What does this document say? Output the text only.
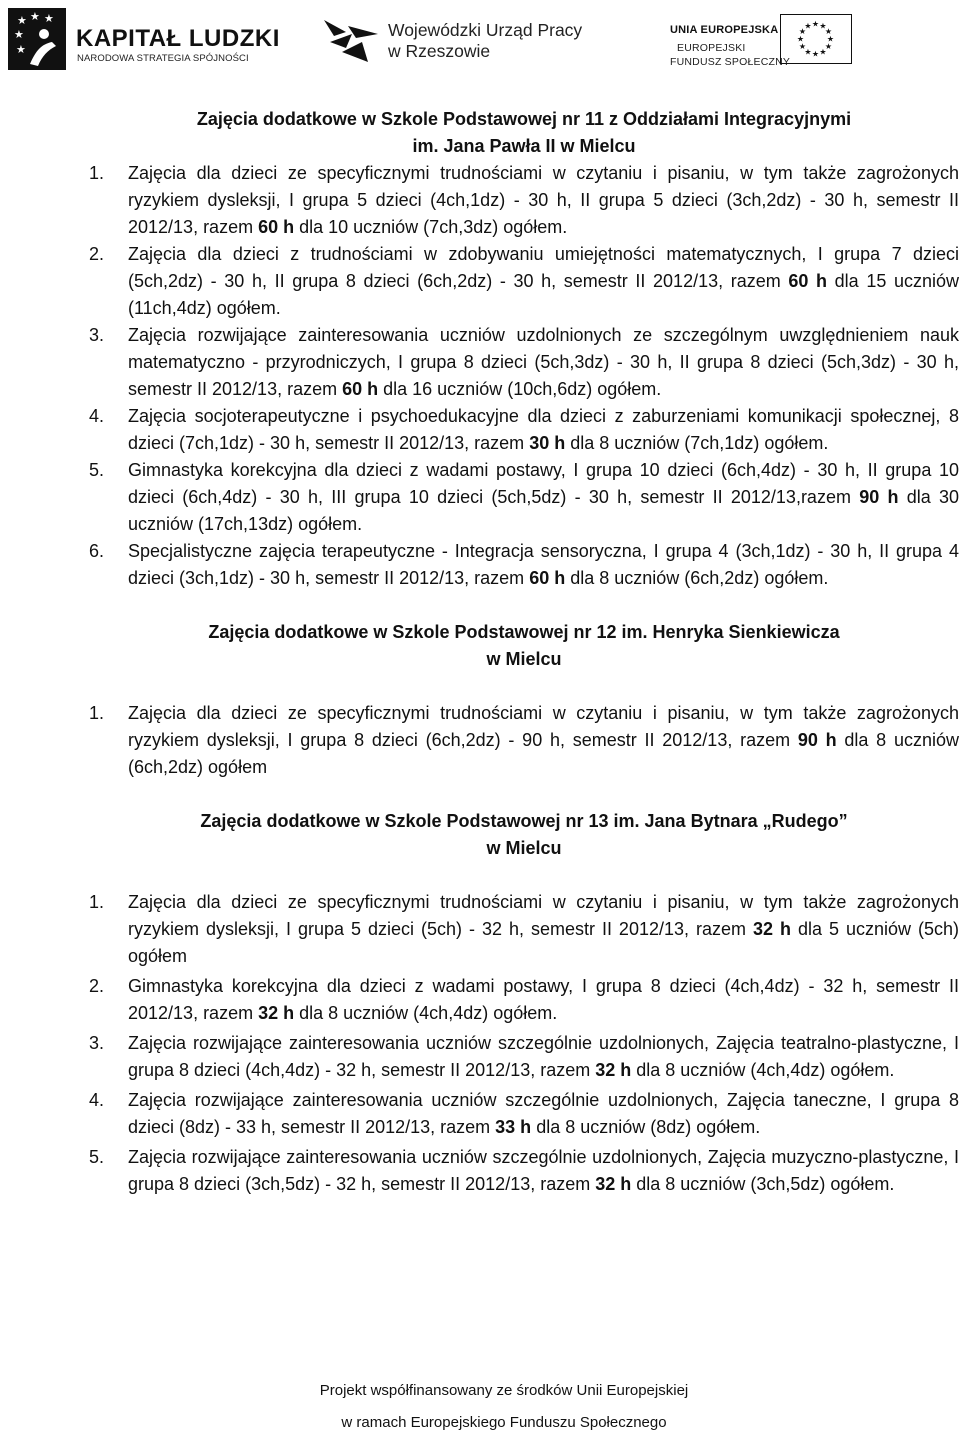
★ ★ ★
★
★ KAPITAŁ LUDZKI
NARODOWA STRATEGIA SPÓJNOŚCI
Wojewódzki Urząd Pracy
w Rzeszowie
UNIA EUROPEJSKA
EUROPEJSKI
FUNDUSZ SPOŁECZNY
★ ★
★
★
★
★
★
★
★
★
★
★
Zajęcia dodatkowe w Szkole Podstawowej nr 11 z Oddziałami Integracyjnymi
im. Jana Pawła II w Mielcu
1.	Zajęcia dla dzieci ze specyficznymi trudnościami w czytaniu i pisaniu, w tym także zagrożonych ryzykiem dysleksji, I grupa 5 dzieci (4ch,1dz) - 30 h, II grupa 5 dzieci (3ch,2dz) - 30 h, semestr II 2012/13, razem 60 h dla 10 uczniów (7ch,3dz) ogółem.
2.	Zajęcia dla dzieci z trudnościami w zdobywaniu umiejętności matematycznych, I grupa 7 dzieci (5ch,2dz) - 30 h, II grupa 8 dzieci (6ch,2dz) - 30 h, semestr II 2012/13, razem 60 h dla 15 uczniów (11ch,4dz) ogółem.
3.	Zajęcia rozwijające zainteresowania uczniów uzdolnionych ze szczególnym uwzględnieniem nauk matematyczno - przyrodniczych, I grupa 8 dzieci (5ch,3dz) - 30 h, II grupa 8 dzieci (5ch,3dz) - 30 h, semestr II 2012/13, razem 60 h dla 16 uczniów (10ch,6dz) ogółem.
4.	Zajęcia socjoterapeutyczne i psychoedukacyjne dla dzieci z zaburzeniami komunikacji społecznej, 8 dzieci (7ch,1dz) - 30 h, semestr II 2012/13, razem 30 h dla 8 uczniów (7ch,1dz) ogółem.
5.	Gimnastyka korekcyjna dla dzieci z wadami postawy, I grupa 10 dzieci (6ch,4dz) - 30 h, II grupa 10 dzieci (6ch,4dz) - 30 h, III grupa 10 dzieci (5ch,5dz) - 30 h, semestr II 2012/13,razem 90 h dla 30 uczniów (17ch,13dz) ogółem.
6.	Specjalistyczne zajęcia terapeutyczne - Integracja sensoryczna, I grupa 4 (3ch,1dz) - 30 h, II grupa 4 dzieci (3ch,1dz) - 30 h, semestr II 2012/13, razem 60 h dla 8 uczniów (6ch,2dz) ogółem.
Zajęcia dodatkowe w Szkole Podstawowej nr 12 im. Henryka Sienkiewicza
w Mielcu
1.	Zajęcia dla dzieci ze specyficznymi trudnościami w czytaniu i pisaniu, w tym także zagrożonych ryzykiem dysleksji, I grupa 8 dzieci (6ch,2dz) - 90 h, semestr II 2012/13, razem 90 h dla 8 uczniów (6ch,2dz) ogółem
Zajęcia dodatkowe w Szkole Podstawowej nr 13 im. Jana Bytnara „Rudego”
w Mielcu
1.	Zajęcia dla dzieci ze specyficznymi trudnościami w czytaniu i pisaniu, w tym także zagrożonych ryzykiem dysleksji, I grupa 5 dzieci (5ch) - 32 h, semestr II 2012/13, razem 32 h dla 5 uczniów (5ch) ogółem
2.	Gimnastyka korekcyjna dla dzieci z wadami postawy, I grupa 8 dzieci (4ch,4dz) - 32 h, semestr II 2012/13, razem 32 h dla 8 uczniów (4ch,4dz) ogółem.
3.	Zajęcia rozwijające zainteresowania uczniów szczególnie uzdolnionych, Zajęcia teatralno-plastyczne, I grupa 8 dzieci (4ch,4dz) - 32 h, semestr II 2012/13, razem 32 h dla 8 uczniów (4ch,4dz) ogółem.
4.	Zajęcia rozwijające zainteresowania uczniów szczególnie uzdolnionych, Zajęcia taneczne, I grupa 8 dzieci (8dz) - 33 h, semestr II 2012/13, razem 33 h dla 8 uczniów (8dz) ogółem.
5.	Zajęcia rozwijające zainteresowania uczniów szczególnie uzdolnionych, Zajęcia muzyczno-plastyczne, I grupa 8 dzieci (3ch,5dz) - 32 h, semestr II 2012/13, razem 32 h dla 8 uczniów (3ch,5dz) ogółem.
Projekt współfinansowany ze środków Unii Europejskiej
w ramach Europejskiego Funduszu Społecznego
